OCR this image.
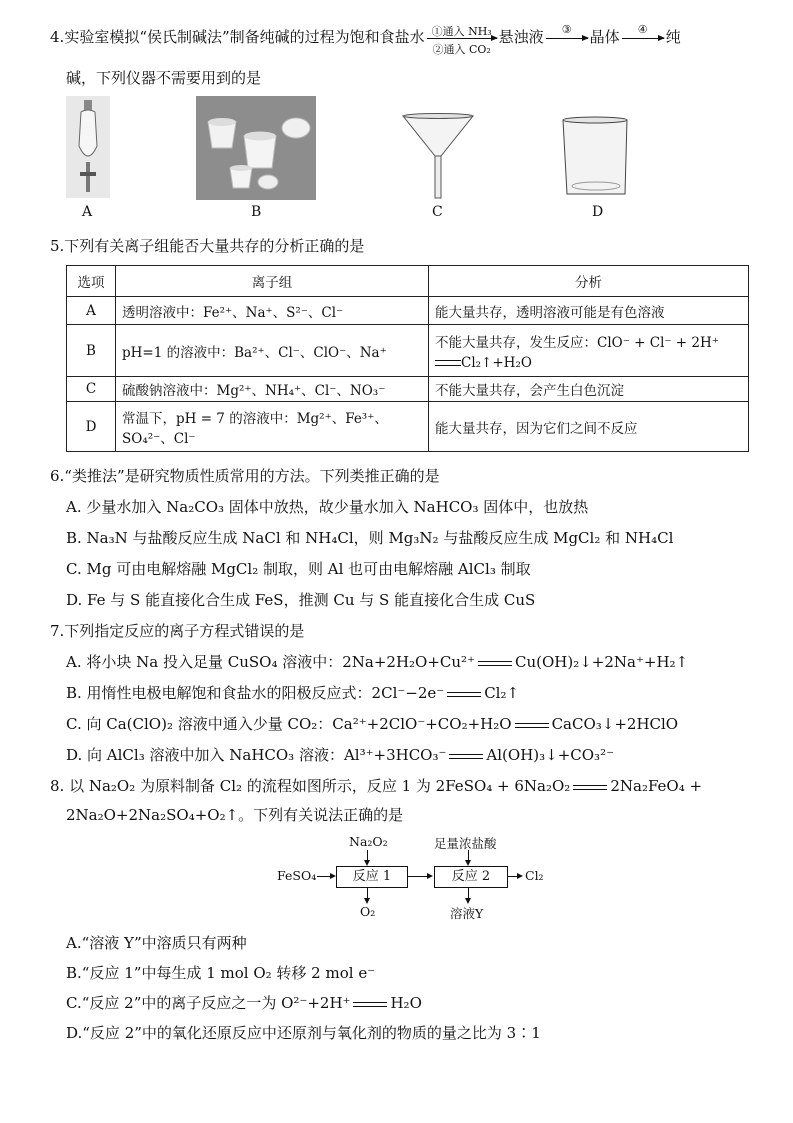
4.实验室模拟“侯氏制碱法”制备纯碱的过程为饱和食盐水 ①通入 NH₃
②通入 CO₂
悬浊液	③	晶体	④	纯
碱，下列仪器不需要用到的是
A	B	C	D
5.下列有关离子组能否大量共存的分析正确的是
选项	离子组	分析
A	透明溶液中：Fe²⁺、Na⁺、S²⁻、Cl⁻	能大量共存，透明溶液可能是有色溶液
B	pH=1 的溶液中：Ba²⁺、Cl⁻、ClO⁻、Na⁺	不能大量共存，发生反应：ClO⁻ + Cl⁻ + 2H⁺
Cl₂↑+H₂O

C	硫酸钠溶液中：Mg²⁺、NH₄⁺、Cl⁻、NO₃⁻	不能大量共存，会产生白色沉淀
D	常温下，pH = 7 的溶液中：Mg²⁺、Fe³⁺、
SO₄²⁻、Cl⁻	能大量共存，因为它们之间不反应
6.“类推法”是研究物质性质常用的方法。下列类推正确的是
A. 少量水加入 Na₂CO₃ 固体中放热，故少量水加入 NaHCO₃ 固体中，也放热
B. Na₃N 与盐酸反应生成 NaCl 和 NH₄Cl，则 Mg₃N₂ 与盐酸反应生成 MgCl₂ 和 NH₄Cl
C. Mg 可由电解熔融 MgCl₂ 制取，则 Al 也可由电解熔融 AlCl₃ 制取
D. Fe 与 S 能直接化合生成 FeS，推测 Cu 与 S 能直接化合生成 CuS
7.下列指定反应的离子方程式错误的是
A. 将小块 Na 投入足量 CuSO₄ 溶液中：2Na+2H₂O+Cu²⁺	Cu(OH)₂↓+2Na⁺+H₂↑
B. 用惰性电极电解饱和食盐水的阳极反应式：2Cl⁻−2e⁻	Cl₂↑
C. 向 Ca(ClO)₂ 溶液中通入少量 CO₂：Ca²⁺+2ClO⁻+CO₂+H₂O	CaCO₃↓+2HClO
D. 向 AlCl₃ 溶液中加入 NaHCO₃ 溶液：Al³⁺+3HCO₃⁻	Al(OH)₃↓+CO₃²⁻
8. 以 Na₂O₂ 为原料制备 Cl₂ 的流程如图所示，反应 1 为 2FeSO₄ + 6Na₂O₂	2Na₂FeO₄ +
2Na₂O+2Na₂SO₄+O₂↑。下列有关说法正确的是
Na₂O₂	足量浓盐酸
FeSO₄	反应 1	反应 2	Cl₂
O₂	溶液Y
A.“溶液 Y”中溶质只有两种
B.“反应 1”中每生成 1 mol O₂ 转移 2 mol e⁻
C.“反应 2”中的离子反应之一为 O²⁻+2H⁺	H₂O
D.“反应 2”中的氧化还原反应中还原剂与氧化剂的物质的量之比为 3∶1
